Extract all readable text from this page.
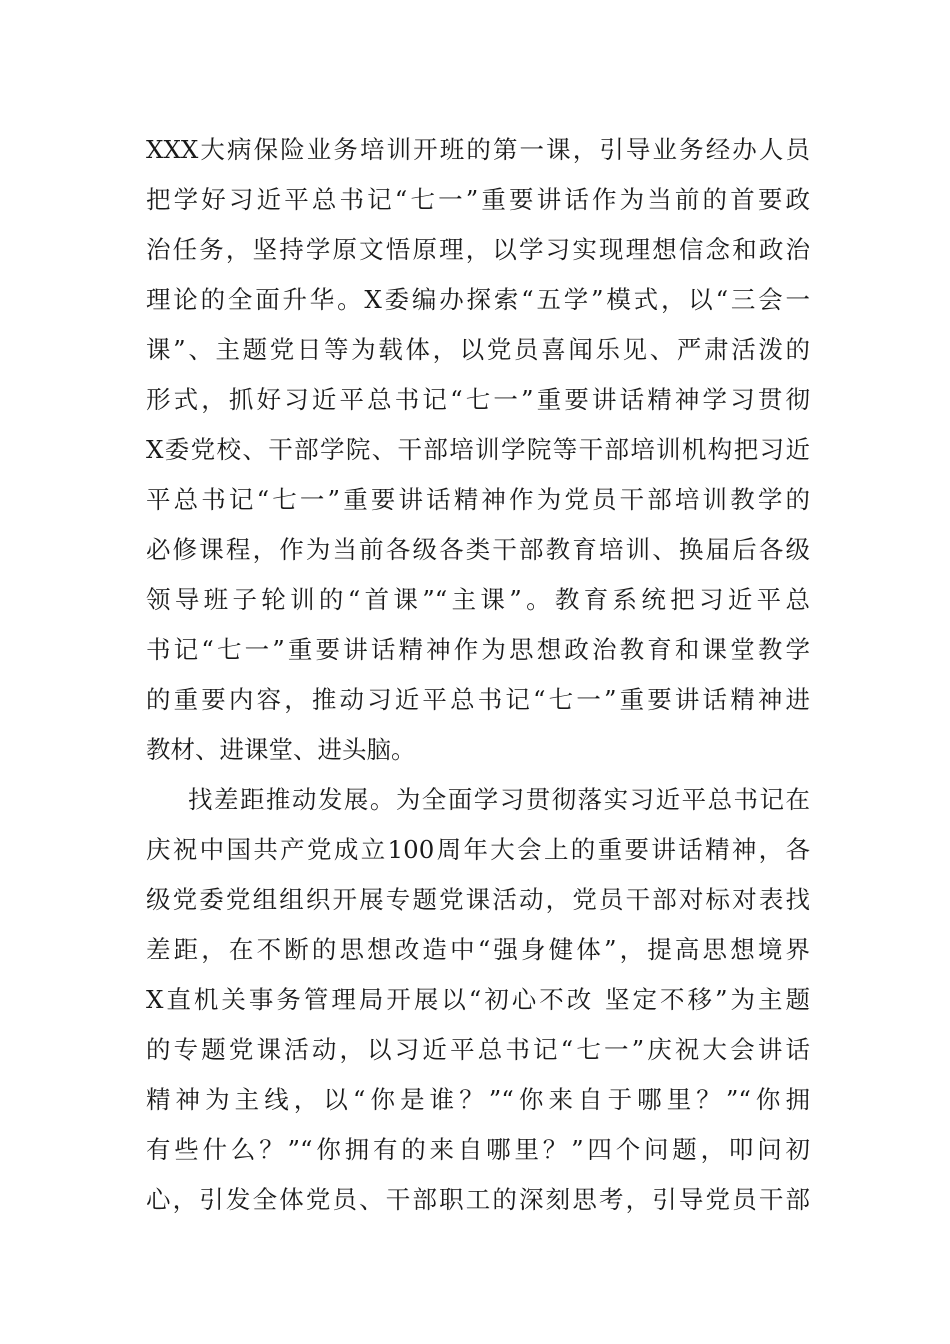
XXX大病保险业务培训开班的第一课，引导业务经办人员
把学好习近平总书记“七一”重要讲话作为当前的首要政
治任务，坚持学原文悟原理，以学习实现理想信念和政治
理论的全面升华。X委编办探索“五学”模式，以“三会一
课”、主题党日等为载体，以党员喜闻乐见、严肃活泼的
形式，抓好习近平总书记“七一”重要讲话精神学习贯彻
X委党校、干部学院、干部培训学院等干部培训机构把习近
平总书记“七一”重要讲话精神作为党员干部培训教学的
必修课程，作为当前各级各类干部教育培训、换届后各级
领导班子轮训的“首课”“主课”。教育系统把习近平总
书记“七一”重要讲话精神作为思想政治教育和课堂教学
的重要内容，推动习近平总书记“七一”重要讲话精神进
教材、进课堂、进头脑。
找差距推动发展。为全面学习贯彻落实习近平总书记在
庆祝中国共产党成立100周年大会上的重要讲话精神，各
级党委党组组织开展专题党课活动，党员干部对标对表找
差距，在不断的思想改造中“强身健体”，提高思想境界
X直机关事务管理局开展以“初心不改 坚定不移”为主题
的专题党课活动，以习近平总书记“七一”庆祝大会讲话
精神为主线，以“你是谁？”“你来自于哪里？”“你拥
有些什么？”“你拥有的来自哪里？”四个问题，叩问初
心，引发全体党员、干部职工的深刻思考，引导党员干部
